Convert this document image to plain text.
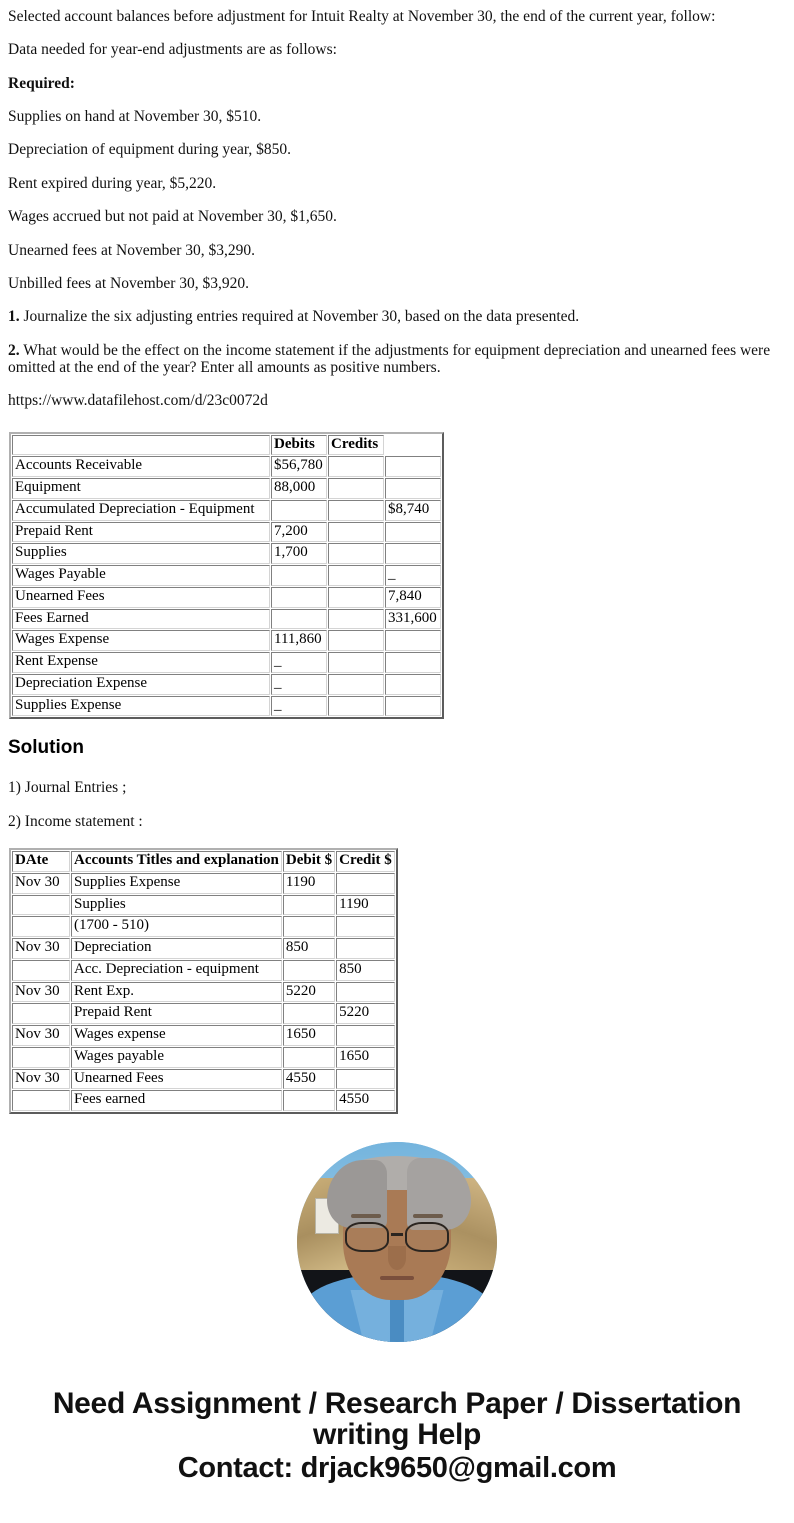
Selected account balances before adjustment for Intuit Realty at November 30, the end of the current year, follow:

Data needed for year-end adjustments are as follows:

Required:

Supplies on hand at November 30, $510.

Depreciation of equipment during year, $850.

Rent expired during year, $5,220.

Wages accrued but not paid at November 30, $1,650.

Unearned fees at November 30, $3,290.

Unbilled fees at November 30, $3,920.

1. Journalize the six adjusting entries required at November 30, based on the data presented.

2. What would be the effect on the income statement if the adjustments for equipment depreciation and unearned fees were omitted at the end of the year? Enter all amounts as positive numbers.

https://www.datafilehost.com/d/23c0072d

	Debits	Credits	
Accounts Receivable	$56,780		
Equipment	88,000		
Accumulated Depreciation - Equipment			$8,740
Prepaid Rent	7,200		
Supplies	1,700		
Wages Payable			_
Unearned Fees			7,840
Fees Earned			331,600
Wages Expense	111,860		
Rent Expense	_		
Depreciation Expense	_		
Supplies Expense	_		
Solution

1) Journal Entries ;

2) Income statement :

DAte	Accounts Titles and explanation	Debit $	Credit $
Nov 30	Supplies Expense	1190	
	Supplies		1190
	(1700 - 510)		
Nov 30	Depreciation	850	
	Acc. Depreciation - equipment		850
Nov 30	Rent Exp.	5220	
	Prepaid Rent		5220
Nov 30	Wages expense	1650	
	Wages payable		1650
Nov 30	Unearned Fees	4550	
	Fees earned		4550
Need Assignment / Research Paper / Dissertation
writing Help
Contact: drjack9650@gmail.com
